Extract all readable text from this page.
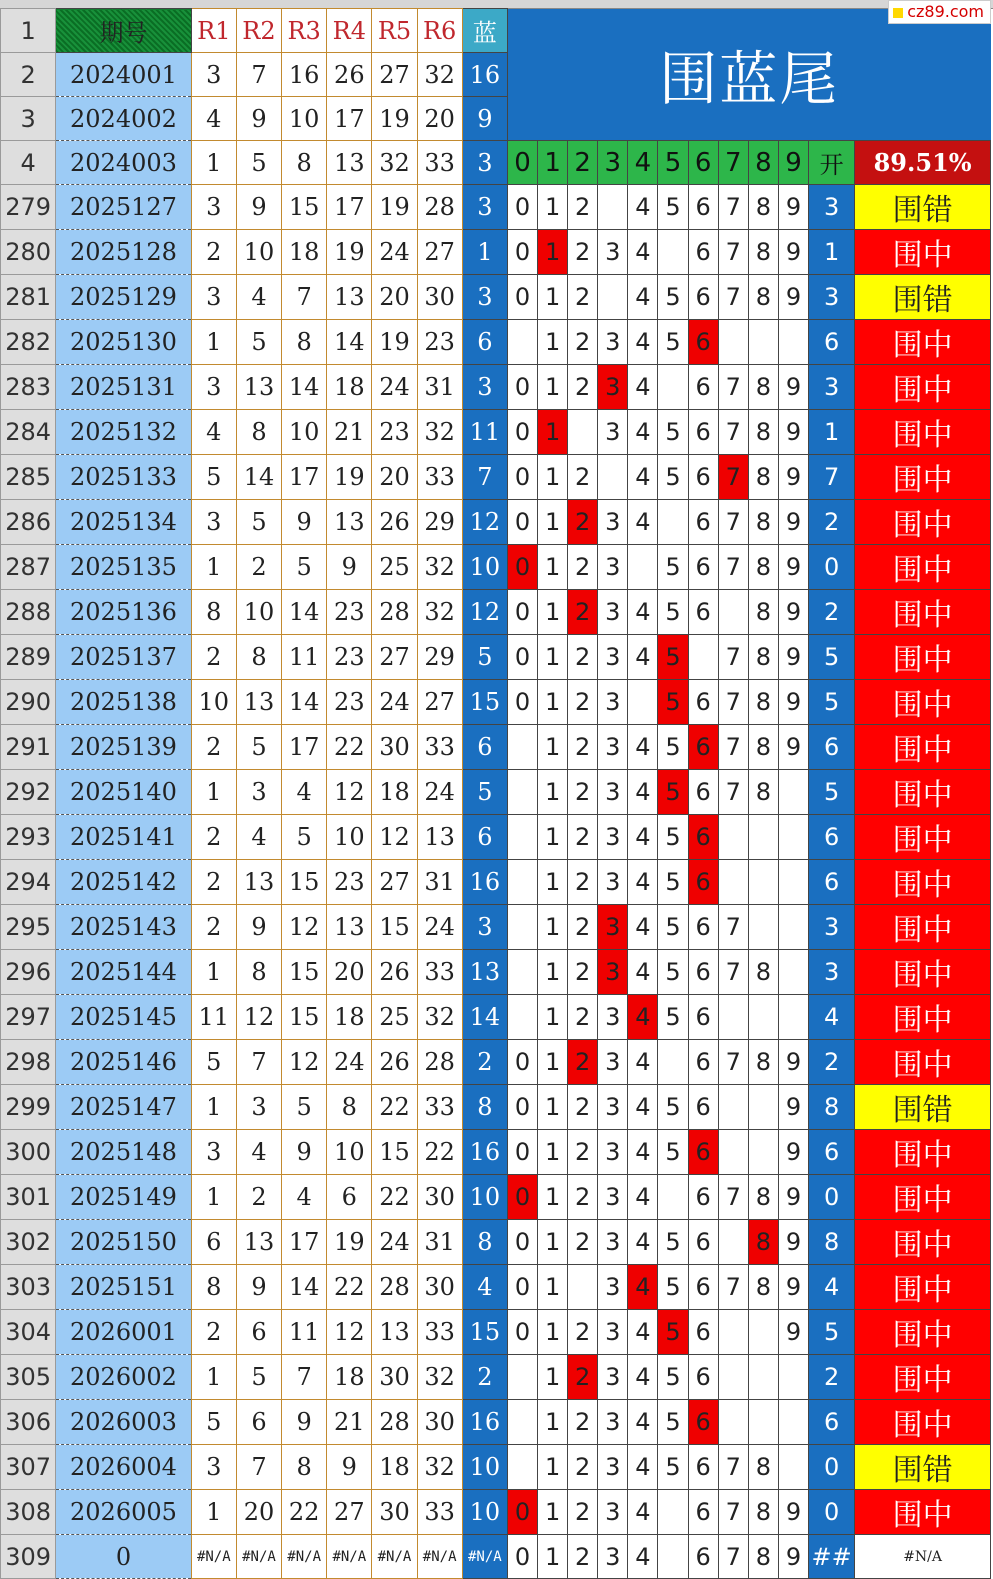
cz89.com
1	期号	R1	R2	R3	R4	R5	R6	蓝	围蓝尾											
2	2024001	3	7	16	26	27	32	16												
3	2024002	4	9	10	17	19	20	9												
4	2024003	1	5	8	13	32	33	3	0	1	2	3	4	5	6	7	8	9	开	89.51%
279	2025127	3	9	15	17	19	28	3	0	1	2		4	5	6	7	8	9	3	围错
280	2025128	2	10	18	19	24	27	1	0	1	2	3	4		6	7	8	9	1	围中
281	2025129	3	4	7	13	20	30	3	0	1	2		4	5	6	7	8	9	3	围错
282	2025130	1	5	8	14	19	23	6		1	2	3	4	5	6				6	围中
283	2025131	3	13	14	18	24	31	3	0	1	2	3	4		6	7	8	9	3	围中
284	2025132	4	8	10	21	23	32	11	0	1		3	4	5	6	7	8	9	1	围中
285	2025133	5	14	17	19	20	33	7	0	1	2		4	5	6	7	8	9	7	围中
286	2025134	3	5	9	13	26	29	12	0	1	2	3	4		6	7	8	9	2	围中
287	2025135	1	2	5	9	25	32	10	0	1	2	3		5	6	7	8	9	0	围中
288	2025136	8	10	14	23	28	32	12	0	1	2	3	4	5	6		8	9	2	围中
289	2025137	2	8	11	23	27	29	5	0	1	2	3	4	5		7	8	9	5	围中
290	2025138	10	13	14	23	24	27	15	0	1	2	3		5	6	7	8	9	5	围中
291	2025139	2	5	17	22	30	33	6		1	2	3	4	5	6	7	8	9	6	围中
292	2025140	1	3	4	12	18	24	5		1	2	3	4	5	6	7	8		5	围中
293	2025141	2	4	5	10	12	13	6		1	2	3	4	5	6				6	围中
294	2025142	2	13	15	23	27	31	16		1	2	3	4	5	6				6	围中
295	2025143	2	9	12	13	15	24	3		1	2	3	4	5	6	7			3	围中
296	2025144	1	8	15	20	26	33	13		1	2	3	4	5	6	7	8		3	围中
297	2025145	11	12	15	18	25	32	14		1	2	3	4	5	6				4	围中
298	2025146	5	7	12	24	26	28	2	0	1	2	3	4		6	7	8	9	2	围中
299	2025147	1	3	5	8	22	33	8	0	1	2	3	4	5	6			9	8	围错
300	2025148	3	4	9	10	15	22	16	0	1	2	3	4	5	6			9	6	围中
301	2025149	1	2	4	6	22	30	10	0	1	2	3	4		6	7	8	9	0	围中
302	2025150	6	13	17	19	24	31	8	0	1	2	3	4	5	6		8	9	8	围中
303	2025151	8	9	14	22	28	30	4	0	1		3	4	5	6	7	8	9	4	围中
304	2026001	2	6	11	12	13	33	15	0	1	2	3	4	5	6			9	5	围中
305	2026002	1	5	7	18	30	32	2		1	2	3	4	5	6				2	围中
306	2026003	5	6	9	21	28	30	16		1	2	3	4	5	6				6	围中
307	2026004	3	7	8	9	18	32	10		1	2	3	4	5	6	7	8		0	围错
308	2026005	1	20	22	27	30	33	10	0	1	2	3	4		6	7	8	9	0	围中
309	0	#N/A	#N/A	#N/A	#N/A	#N/A	#N/A	#N/A	0	1	2	3	4		6	7	8	9	##	#N/A
